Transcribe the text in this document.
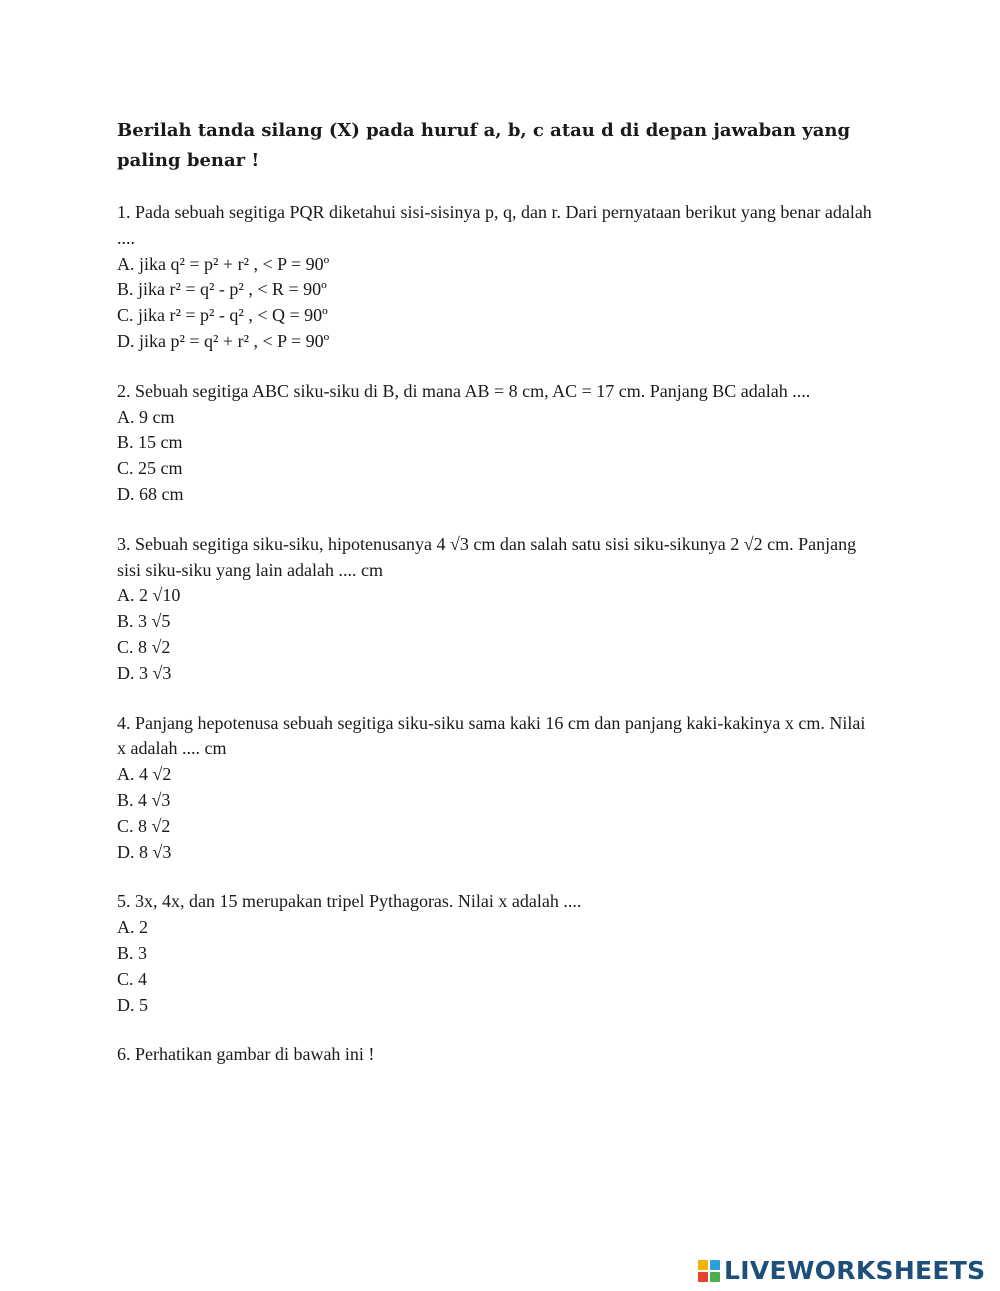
Berilah tanda silang (X) pada huruf a, b, c atau d di depan jawaban yang paling benar !

1. Pada sebuah segitiga PQR diketahui sisi-sisinya p, q, dan r. Dari pernyataan berikut yang benar adalah ....

A. jika q² = p² + r² , < P = 90º

B. jika r² = q² - p² , < R = 90º

C. jika r² = p² - q² , < Q = 90º

D. jika p² = q² + r² , < P = 90º

2. Sebuah segitiga ABC siku-siku di B, di mana AB = 8 cm, AC = 17 cm. Panjang BC adalah ....

A. 9 cm

B. 15 cm

C. 25 cm

D. 68 cm

3. Sebuah segitiga siku-siku, hipotenusanya 4 √3 cm dan salah satu sisi siku-sikunya 2 √2 cm. Panjang sisi siku-siku yang lain adalah .... cm

A. 2 √10

B. 3 √5

C. 8 √2

D. 3 √3

4. Panjang hepotenusa sebuah segitiga siku-siku sama kaki 16 cm dan panjang kaki-kakinya x cm. Nilai x adalah .... cm

A. 4 √2

B. 4 √3

C. 8 √2

D. 8 √3

5. 3x, 4x, dan 15 merupakan tripel Pythagoras. Nilai x adalah ....

A. 2

B. 3

C. 4

D. 5

6. Perhatikan gambar di bawah ini !

LIVEWORKSHEETS
